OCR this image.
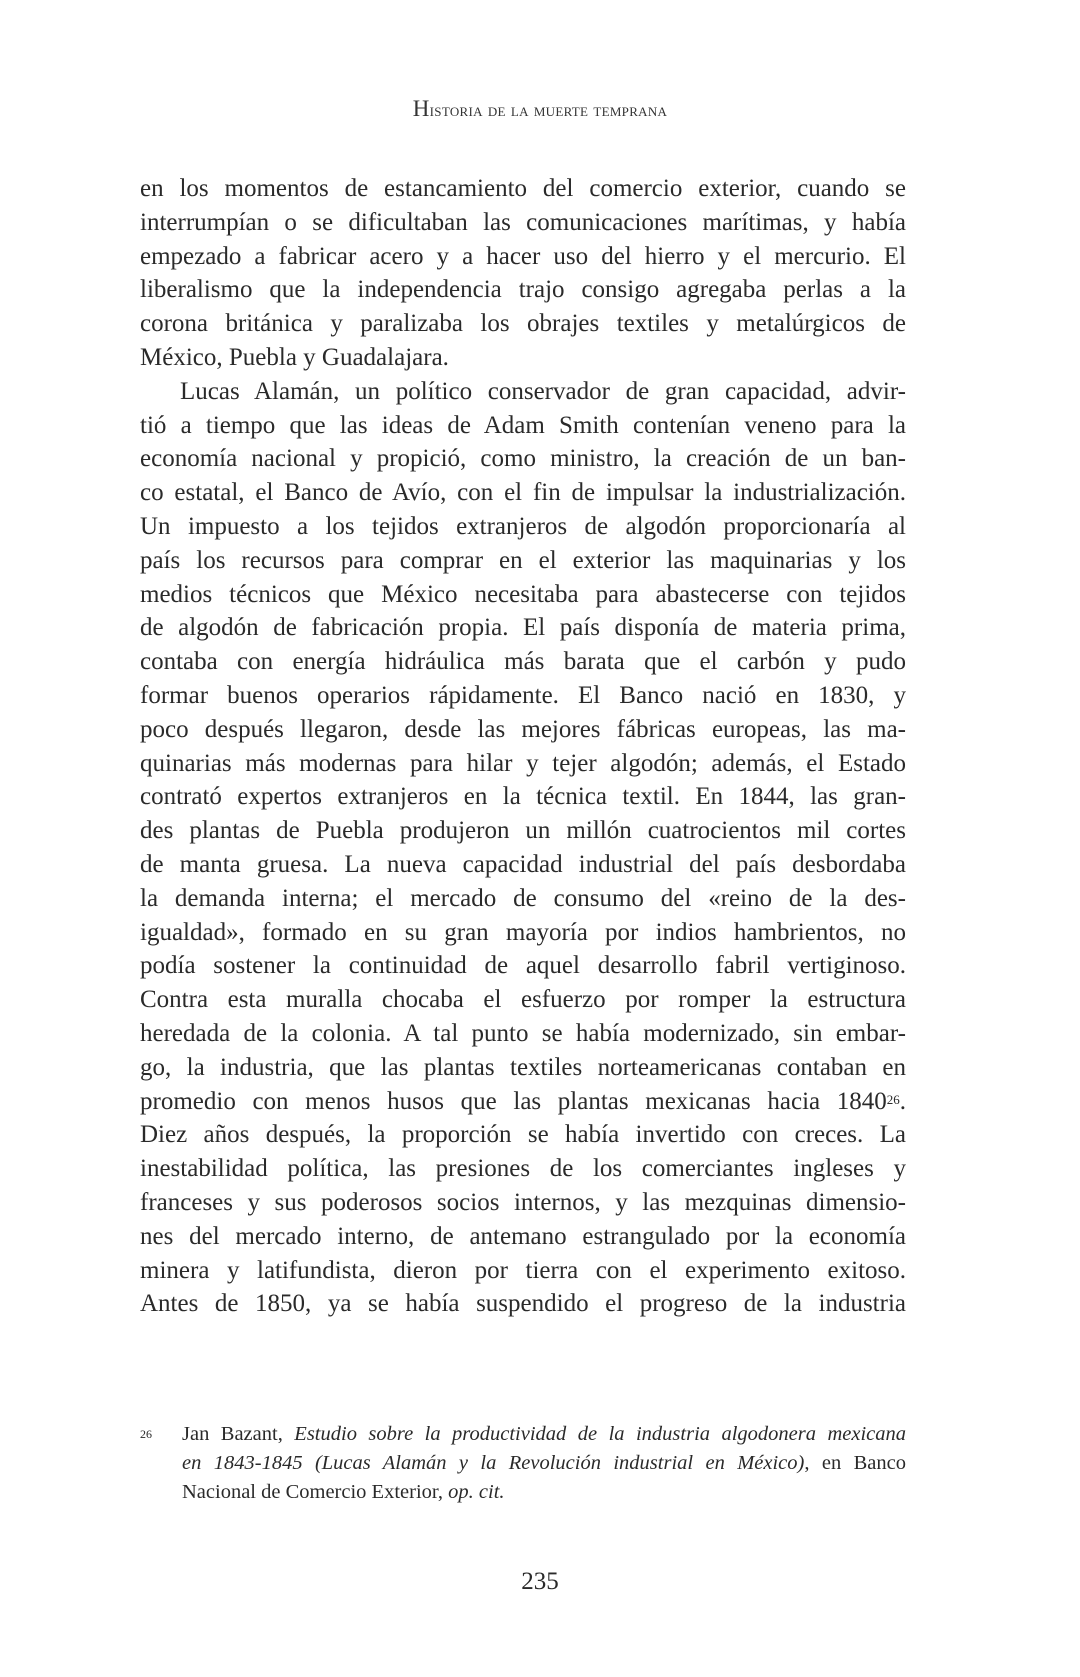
Historia de la muerte temprana
en los momentos de estancamiento del comercio exterior, cuando se
interrumpían o se dificultaban las comunicaciones marítimas, y había
empezado a fabricar acero y a hacer uso del hierro y el mercurio. El
liberalismo que la independencia trajo consigo agregaba perlas a la
corona británica y paralizaba los obrajes textiles y metalúrgicos de
México, Puebla y Guadalajara.
Lucas Alamán, un político conservador de gran capacidad, advir-
tió a tiempo que las ideas de Adam Smith contenían veneno para la
economía nacional y propició, como ministro, la creación de un ban-
co estatal, el Banco de Avío, con el fin de impulsar la industrialización.
Un impuesto a los tejidos extranjeros de algodón proporcionaría al
país los recursos para comprar en el exterior las maquinarias y los
medios técnicos que México necesitaba para abastecerse con tejidos
de algodón de fabricación propia. El país disponía de materia prima,
contaba con energía hidráulica más barata que el carbón y pudo
formar buenos operarios rápidamente. El Banco nació en 1830, y
poco después llegaron, desde las mejores fábricas europeas, las ma-
quinarias más modernas para hilar y tejer algodón; además, el Estado
contrató expertos extranjeros en la técnica textil. En 1844, las gran-
des plantas de Puebla produjeron un millón cuatrocientos mil cortes
de manta gruesa. La nueva capacidad industrial del país desbordaba
la demanda interna; el mercado de consumo del «reino de la des-
igualdad», formado en su gran mayoría por indios hambrientos, no
podía sostener la continuidad de aquel desarrollo fabril vertiginoso.
Contra esta muralla chocaba el esfuerzo por romper la estructura
heredada de la colonia. A tal punto se había modernizado, sin embar-
go, la industria, que las plantas textiles norteamericanas contaban en
promedio con menos husos que las plantas mexicanas hacia 1840$^{26}$.
Diez años después, la proporción se había invertido con creces. La
inestabilidad política, las presiones de los comerciantes ingleses y
franceses y sus poderosos socios internos, y las mezquinas dimensio-
nes del mercado interno, de antemano estrangulado por la economía
minera y latifundista, dieron por tierra con el experimento exitoso.
Antes de 1850, ya se había suspendido el progreso de la industria
26 Jan Bazant, Estudio sobre la productividad de la industria algodonera mexicana
en 1843-1845 (Lucas Alamán y la Revolución industrial en México), en Banco
Nacional de Comercio Exterior, op. cit.
235
